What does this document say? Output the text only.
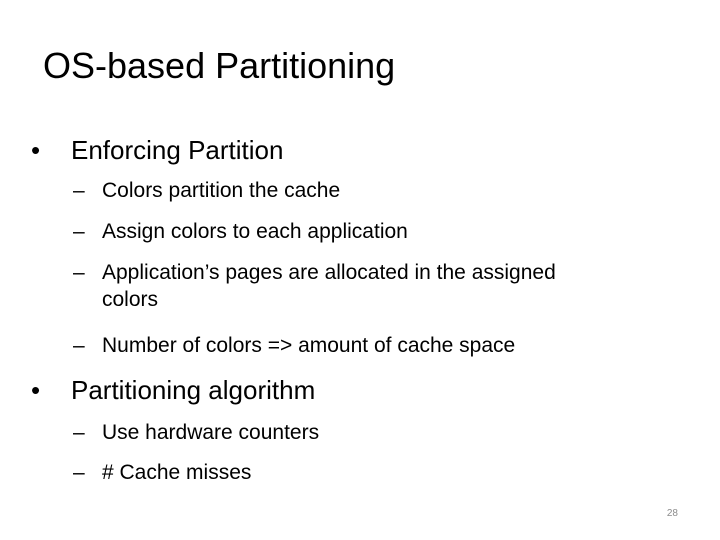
OS-based Partitioning
• Enforcing Partition
– Colors partition the cache
– Assign colors to each application
– Application’s pages are allocated in the assigned
colors
– Number of colors => amount of cache space
• Partitioning algorithm
– Use hardware counters
– # Cache misses
28
